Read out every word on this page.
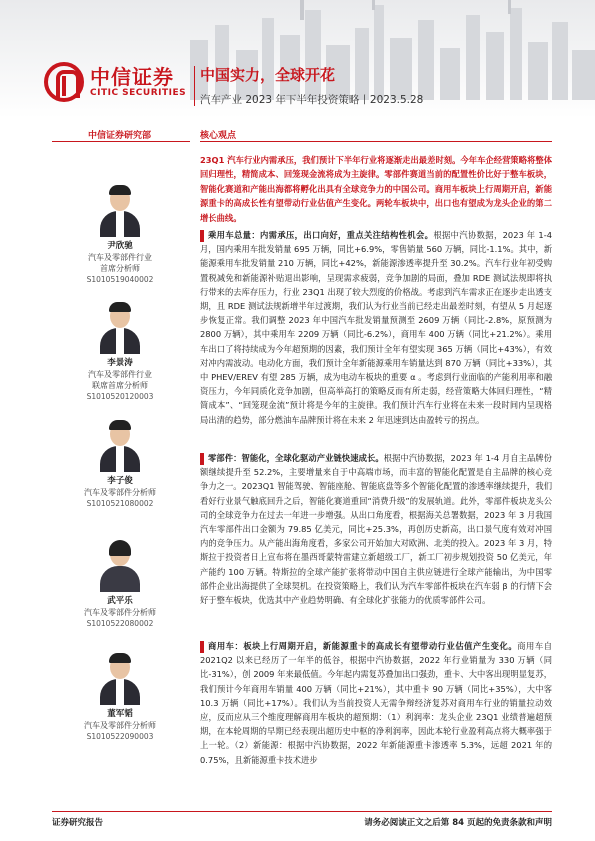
中信证券
CITIC SECURITIES
中国实力，全球开花
汽车产业 2023 年下半年投资策略丨2023.5.28
中信证券研究部	核心观点
尹欣驰
汽车及零部件行业
首席分析师
S1010519040002
李景涛
汽车及零部件行业
联席首席分析师
S1010520120003
李子俊
汽车及零部件分析师
S1010521080002
武平乐
汽车及零部件分析师
S1010522080002
董军韬
汽车及零部件分析师
S1010522090003
23Q1 汽车行业内需承压，我们预计下半年行业将逐渐走出最差时刻。今年车企经营策略将整体回归理性，精简成本、回笼现金流将成为主旋律。零部件赛道当前的配置性价比好于整车板块，智能化赛道和产能出海都将孵化出具有全球竞争力的中国公司。商用车板块上行周期开启，新能源重卡的高成长性有望带动行业估值产生变化。两轮车板块中，出口也有望成为龙头企业的第二增长曲线。
乘用车总量：内需承压，出口向好，重点关注结构性机会。根据中汽协数据，2023 年 1-4 月，国内乘用车批发销量 695 万辆，同比+6.9%，零售销量 560 万辆，同比-1.1%。其中，新能源乘用车批发销量 210 万辆，同比+42%，新能源渗透率提升至 30.2%。汽车行业年初受购置税减免和新能源补贴退出影响，呈现需求疲弱，竞争加剧的局面，叠加 RDE 测试法规即将执行带来的去库存压力，行业 23Q1 出现了较大烈度的价格战。考虑到汽车需求正在逐步走出透支期，且 RDE 测试法规新增半年过渡期，我们认为行业当前已经走出最差时刻，有望从 5 月起逐步恢复正常。我们调整 2023 年中国汽车批发销量预测至 2609 万辆（同比-2.8%，原预测为 2800 万辆），其中乘用车 2209 万辆（同比-6.2%），商用车 400 万辆（同比+21.2%）。乘用车出口了将持续成为今年超预期的因素，我们预计全年有望实现 365 万辆（同比+43%），有效对冲内需波动。电动化方面，我们预计全年新能源乘用车销量达到 870 万辆（同比+33%），其中 PHEV/EREV 有望 285 万辆，成为电动车板块的重要 α 。考虑到行业面临的产能利用率和融资压力，今年同质化竞争加剧，但高举高打的策略反而有所走弱，经营策略大体回归理性，“精简成本”、“回笼现金流”预计将是今年的主旋律。我们预计汽车行业将在未来一段时间内呈现格局出清的趋势，部分燃油车品牌预计将在未来 2 年迅速到达由盈转亏的拐点。
零部件：智能化，全球化驱动产业链快速成长。根据中汽协数据，2023 年 1-4 月自主品牌份额继续提升至 52.2%，主要增量来自于中高端市场，而丰富的智能化配置是自主品牌的核心竞争力之一。2023Q1 智能驾驶、智能座舱、智能底盘等多个智能化配置的渗透率继续提升，我们看好行业景气触底回升之后，智能化赛道重回“消费升级”的发展轨道。此外，零部件板块龙头公司的全球竞争力在过去一年进一步增强。从出口角度看，根据海关总署数据，2023 年 3 月我国汽车零部件出口金额为 79.85 亿美元，同比+25.3%，再创历史新高，出口景气度有效对冲国内的竞争压力。从产能出海角度看，多家公司开始加大对欧洲、北美的投入。2023 年 3 月，特斯拉于投资者日上宣布将在墨西哥蒙特雷建立新超级工厂，新工厂初步规划投资 50 亿美元，年产能约 100 万辆。特斯拉的全球产能扩张将带动中国自主供应链进行全球产能输出，为中国零部件企业出海提供了全球契机。在投资策略上，我们认为汽车零部件板块在汽车弱 β 的行情下会好于整车板块，优选其中产业趋势明确、有全球化扩张能力的优质零部件公司。
商用车：板块上行周期开启，新能源重卡的高成长有望带动行业估值产生变化。商用车自 2021Q2 以来已经历了一年半的低谷，根据中汽协数据，2022 年行业销量为 330 万辆（同比-31%），创 2009 年来最低值。今年起内需复苏叠加出口强劲，重卡、大中客出现明显复苏，我们预计今年商用车销量 400 万辆（同比+21%），其中重卡 90 万辆（同比+35%），大中客 10.3 万辆（同比+17%）。我们认为当前投资人无需争辩经济复苏对商用车行业的销量拉动效应，反而应从三个维度理解商用车板块的超预期：（1）利润率：龙头企业 23Q1 业绩普遍超预期，在本轮周期的早期已经表现出超历史中枢的净利润率，因此本轮行业盈利高点将大概率强于上一轮。（2）新能源：根据中汽协数据，2022 年新能源重卡渗透率 5.3%，远超 2021 年的 0.75%，且新能源重卡技术进步
证券研究报告	请务必阅读正文之后第 84 页起的免责条款和声明
